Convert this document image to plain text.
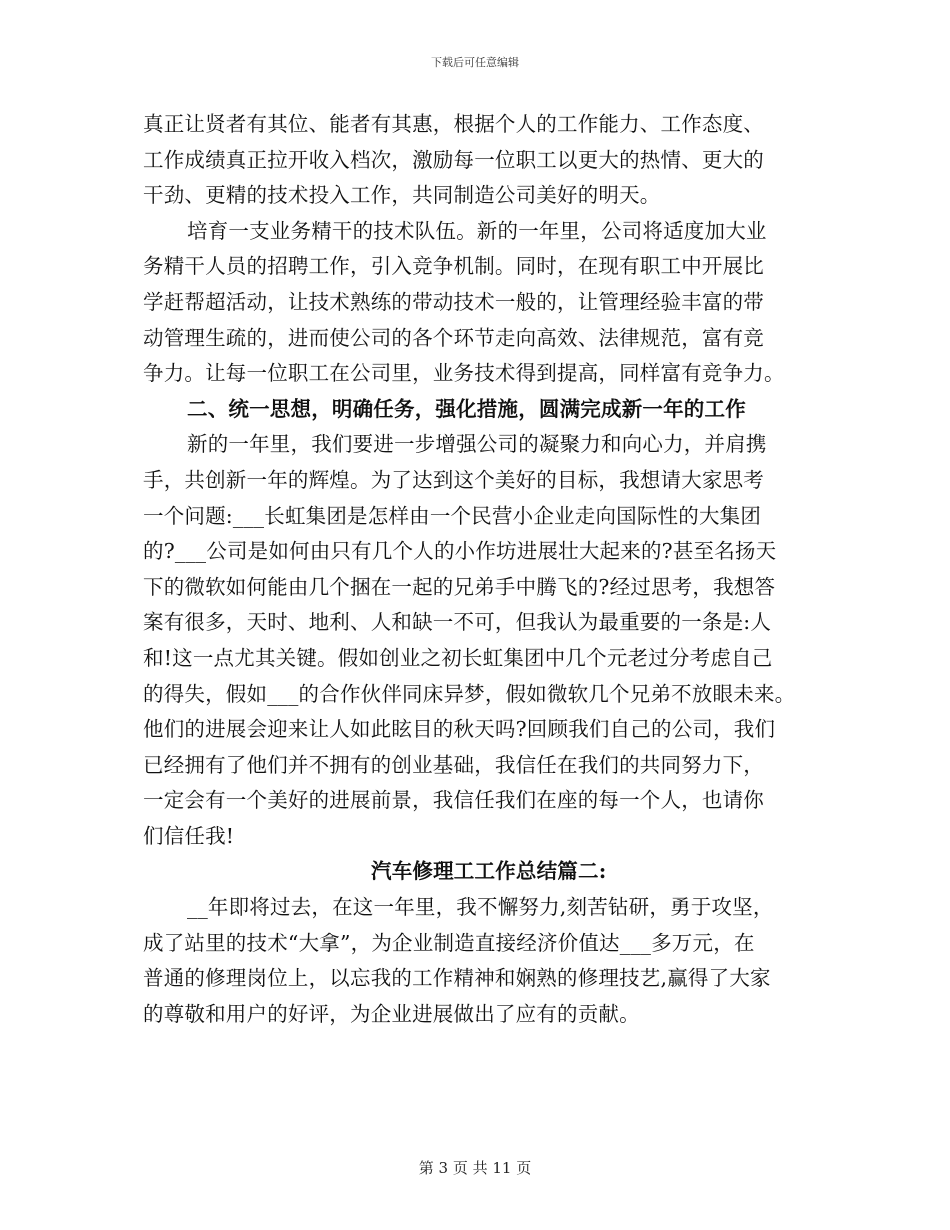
下载后可任意编辑
真正让贤者有其位、能者有其惠，根据个人的工作能力、工作态度、
工作成绩真正拉开收入档次，激励每一位职工以更大的热情、更大的
干劲、更精的技术投入工作，共同制造公司美好的明天。
培育一支业务精干的技术队伍。新的一年里，公司将适度加大业
务精干人员的招聘工作，引入竞争机制。同时，在现有职工中开展比
学赶帮超活动，让技术熟练的带动技术一般的，让管理经验丰富的带
动管理生疏的，进而使公司的各个环节走向高效、法律规范，富有竞
争力。让每一位职工在公司里，业务技术得到提高，同样富有竞争力。
二、统一思想，明确任务，强化措施，圆满完成新一年的工作
新的一年里，我们要进一步增强公司的凝聚力和向心力，并肩携
手，共创新一年的辉煌。为了达到这个美好的目标，我想请大家思考
一个问题:___长虹集团是怎样由一个民营小企业走向国际性的大集团
的?___公司是如何由只有几个人的小作坊进展壮大起来的?甚至名扬天
下的微软如何能由几个捆在一起的兄弟手中腾飞的?经过思考，我想答
案有很多，天时、地利、人和缺一不可，但我认为最重要的一条是:人
和!这一点尤其关键。假如创业之初长虹集团中几个元老过分考虑自己
的得失，假如___的合作伙伴同床异梦，假如微软几个兄弟不放眼未来。
他们的进展会迎来让人如此眩目的秋天吗?回顾我们自己的公司，我们
已经拥有了他们并不拥有的创业基础，我信任在我们的共同努力下，
一定会有一个美好的进展前景，我信任我们在座的每一个人，也请你
们信任我!
汽车修理工工作总结篇二:
__年即将过去，在这一年里，我不懈努力,刻苦钻研，勇于攻坚，
成了站里的技术“大拿”，为企业制造直接经济价值达___多万元，在
普通的修理岗位上，以忘我的工作精神和娴熟的修理技艺,赢得了大家
的尊敬和用户的好评，为企业进展做出了应有的贡献。
第 3 页 共 11 页
